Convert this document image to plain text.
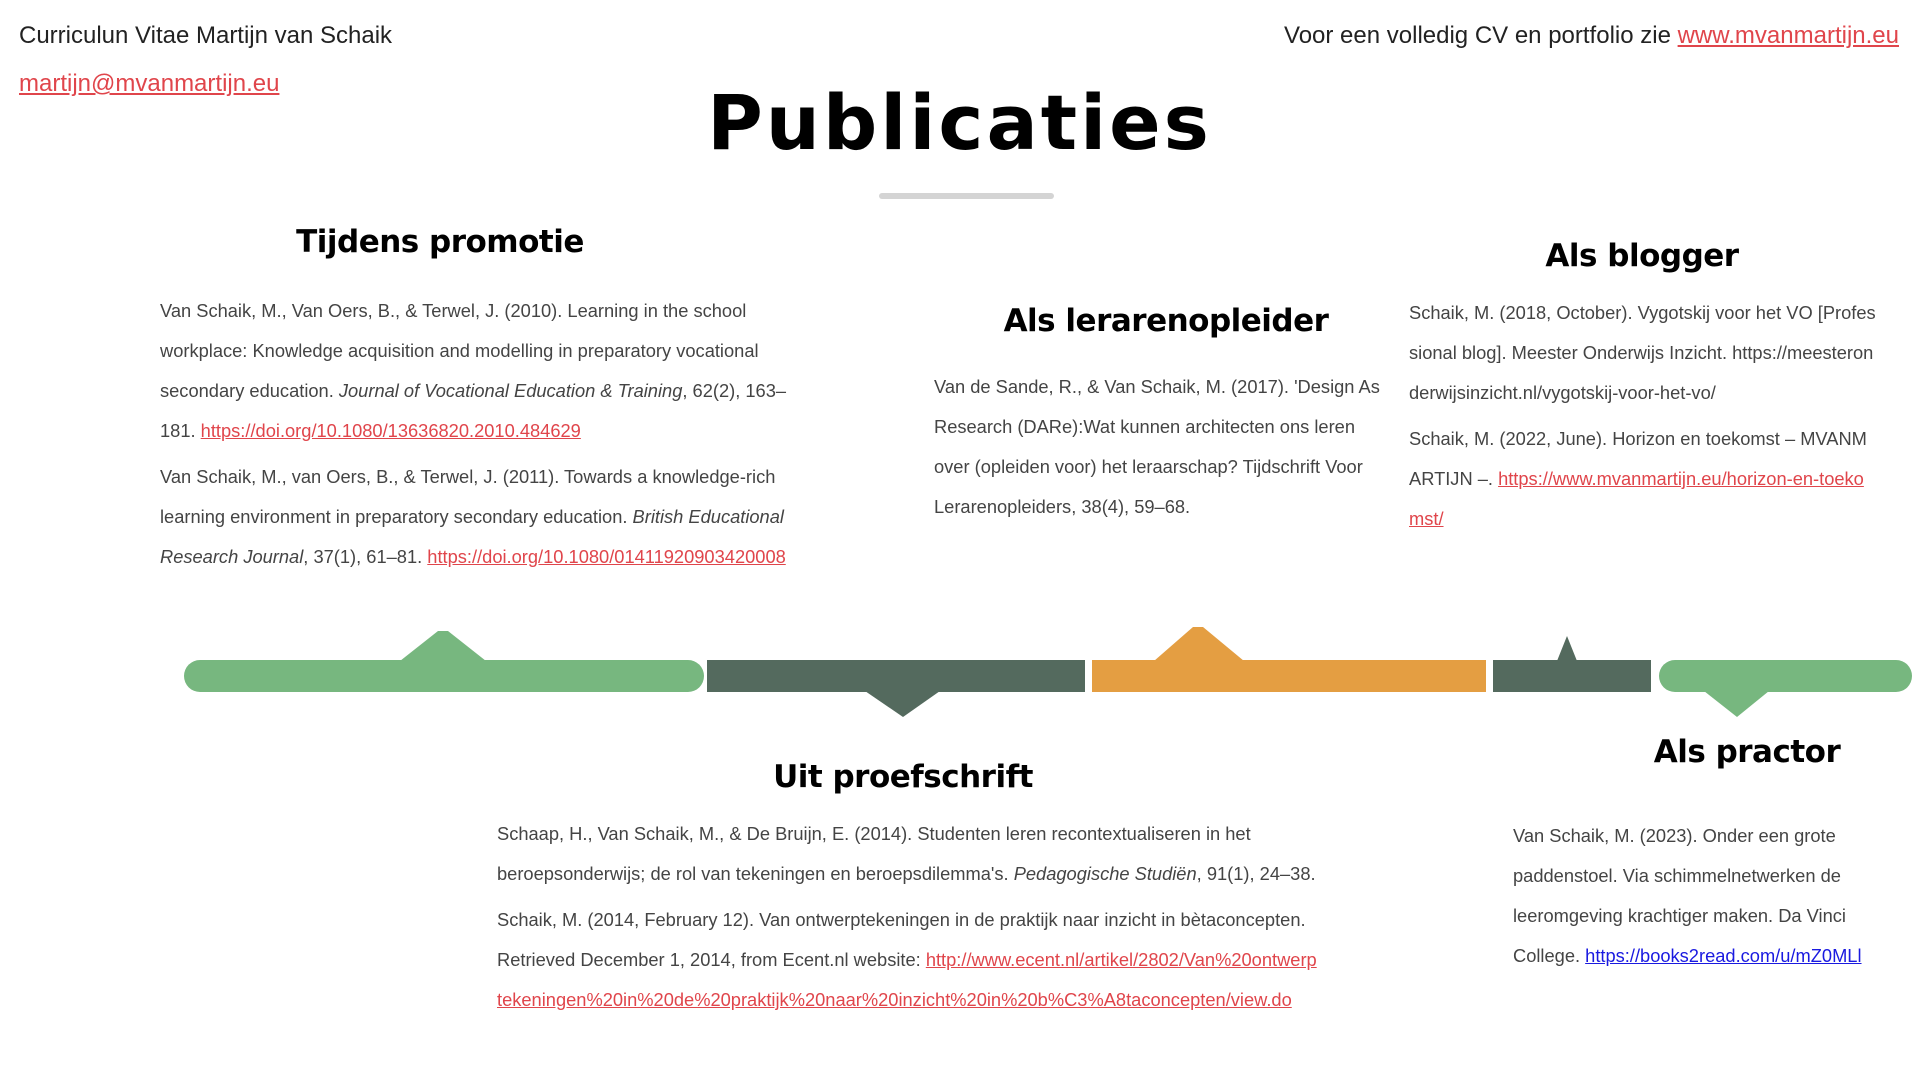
Curriculun Vitae Martijn van Schaik
martijn@mvanmartijn.eu
Voor een volledig CV en portfolio zie www.mvanmartijn.eu
Publicaties
Tijdens promotie

Van Schaik, M., Van Oers, B., & Terwel, J. (2010). Learning in the school workplace: Knowledge acquisition and modelling in preparatory vocational secondary education. Journal of Vocational Education & Training, 62(2), 163–181. https://doi.org/10.1080/13636820.2010.484629

Van Schaik, M., van Oers, B., & Terwel, J. (2011). Towards a knowledge-rich learning environment in preparatory secondary education. British Educational Research Journal, 37(1), 61–81. https://doi.org/10.1080/01411920903420008

Als lerarenopleider

Van de Sande, R., & Van Schaik, M. (2017). 'Design As Research (DARe):Wat kunnen architecten ons leren over (opleiden voor) het leraarschap? Tijdschrift Voor Lerarenopleiders, 38(4), 59–68.

Als blogger

Schaik, M. (2018, October). Vygotskij voor het VO [Professional blog]. Meester Onderwijs Inzicht. https://meesteronderwijsinzicht.nl/vygotskij-voor-het-vo/

Schaik, M. (2022, June). Horizon en toekomst – MVANMARTIJN –. https://www.mvanmartijn.eu/horizon-en-toekomst/

Uit proefschrift

Schaap, H., Van Schaik, M., & De Bruijn, E. (2014). Studenten leren recontextualiseren in het beroepsonderwijs; de rol van tekeningen en beroepsdilemma's. Pedagogische Studiën, 91(1), 24–38.

Schaik, M. (2014, February 12). Van ontwerptekeningen in de praktijk naar inzicht in bètaconcepten. Retrieved December 1, 2014, from Ecent.nl website: http://www.ecent.nl/artikel/2802/Van%20ontwerptekeningen%20in%20de%20praktijk%20naar%20inzicht%20in%20b%C3%A8taconcepten/view.do

Als practor

Van Schaik, M. (2023). Onder een grote paddenstoel. Via schimmelnetwerken de leeromgeving krachtiger maken. Da Vinci College. https://books2read.com/u/mZ0MLl
